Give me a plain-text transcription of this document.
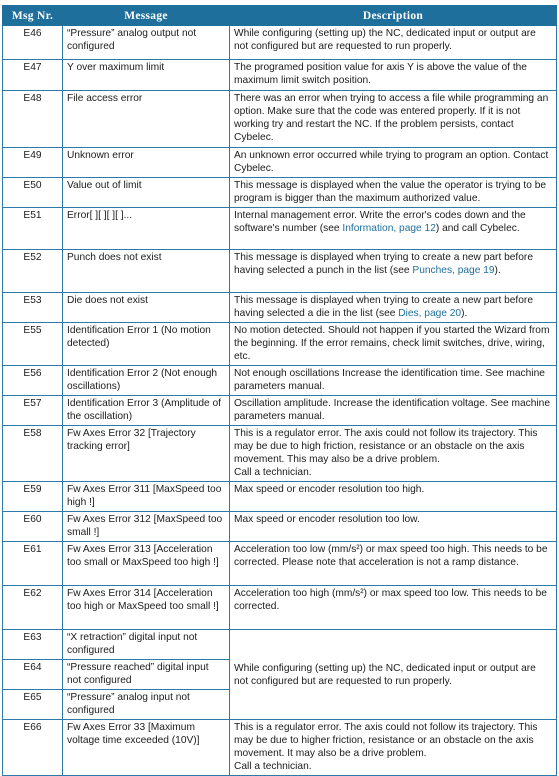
Msg Nr.	Message	Description
E46	“Pressure” analog output not configured	While configuring (setting up) the NC, dedicated input or output are not configured but are requested to run properly.
E47	Y over maximum limit	The programed position value for axis Y is above the value of the maximum limit switch position.
E48	File access error	There was an error when trying to access a file while programming an option. Make sure that the code was entered properly. If it is not working try and restart the NC. If the problem persists, contact Cybelec.
E49	Unknown error	An unknown error occurred while trying to program an option. Contact Cybelec.
E50	Value out of limit	This message is displayed when the value the operator is trying to be program is bigger than the maximum authorized value.
E51	Error[ ][ ][ ][ ]...	Internal management error. Write the error's codes down and the software's number (see Information, page 12) and call Cybelec.
E52	Punch does not exist	This message is displayed when trying to create a new part before having selected a punch in the list (see Punches, page 19).
E53	Die does not exist	This message is displayed when trying to create a new part before having selected a die in the list (see Dies, page 20).
E55	Identification Error 1 (No motion detected)	No motion detected. Should not happen if you started the Wizard from the beginning. If the error remains, check limit switches, drive, wiring, etc.
E56	Identification Error 2 (Not enough oscillations)	Not enough oscillations Increase the identification time. See machine parameters manual.
E57	Identification Error 3 (Amplitude of the oscillation)	Oscillation amplitude. Increase the identification voltage. See machine parameters manual.
E58	Fw Axes Error 32 [Trajectory tracking error]	This is a regulator error. The axis could not follow its trajectory. This may be due to high friction, resistance or an obstacle on the axis movement. This may also be a drive problem.
Call a technician.
E59	Fw Axes Error 311 [MaxSpeed too high !]	Max speed or encoder resolution too high.
E60	Fw Axes Error 312 [MaxSpeed too small !]	Max speed or encoder resolution too low.
E61	Fw Axes Error 313 [Acceleration too small or MaxSpeed too high !]	Acceleration too low (mm/s²) or max speed too high. This needs to be corrected. Please note that acceleration is not a ramp distance.
E62	Fw Axes Error 314 [Acceleration too high or MaxSpeed too small !]	Acceleration too high (mm/s²) or max speed too low. This needs to be corrected.
E63	“X retraction” digital input not configured	While configuring (setting up) the NC, dedicated input or output are not configured but are requested to run properly.
E64	“Pressure reached” digital input not configured	
E65	“Pressure” analog input not configured	
E66	Fw Axes Error 33 [Maximum voltage time exceeded (10V)]	This is a regulator error. The axis could not follow its trajectory. This may be due to higher friction, resistance or an obstacle on the axis movement. It may also be a drive problem.
Call a technician.
